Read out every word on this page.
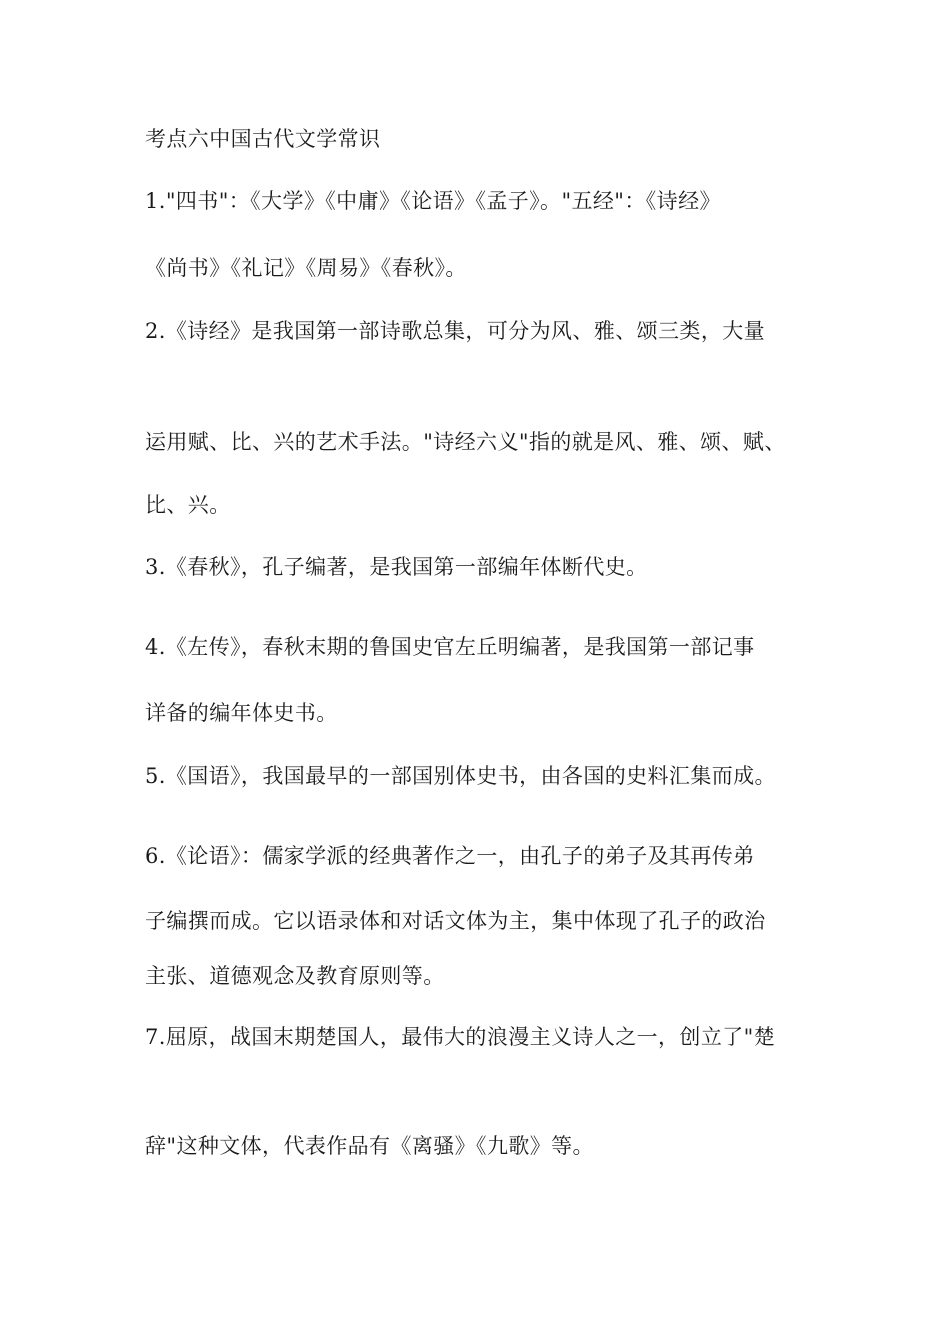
考点六中国古代文学常识
1."四书"：《大学》《中庸》《论语》《孟子》。"五经"：《诗经》
《尚书》《礼记》《周易》《春秋》。
2.《诗经》是我国第一部诗歌总集，可分为风、雅、颂三类，大量
运用赋、比、兴的艺术手法。"诗经六义"指的就是风、雅、颂、赋、
比、兴。
3.《春秋》，孔子编著，是我国第一部编年体断代史。
4.《左传》，春秋末期的鲁国史官左丘明编著，是我国第一部记事
详备的编年体史书。
5.《国语》，我国最早的一部国别体史书，由各国的史料汇集而成。
6.《论语》：儒家学派的经典著作之一，由孔子的弟子及其再传弟
子编撰而成。它以语录体和对话文体为主，集中体现了孔子的政治
主张、道德观念及教育原则等。
7.屈原，战国末期楚国人，最伟大的浪漫主义诗人之一，创立了"楚
辞"这种文体，代表作品有《离骚》《九歌》等。
